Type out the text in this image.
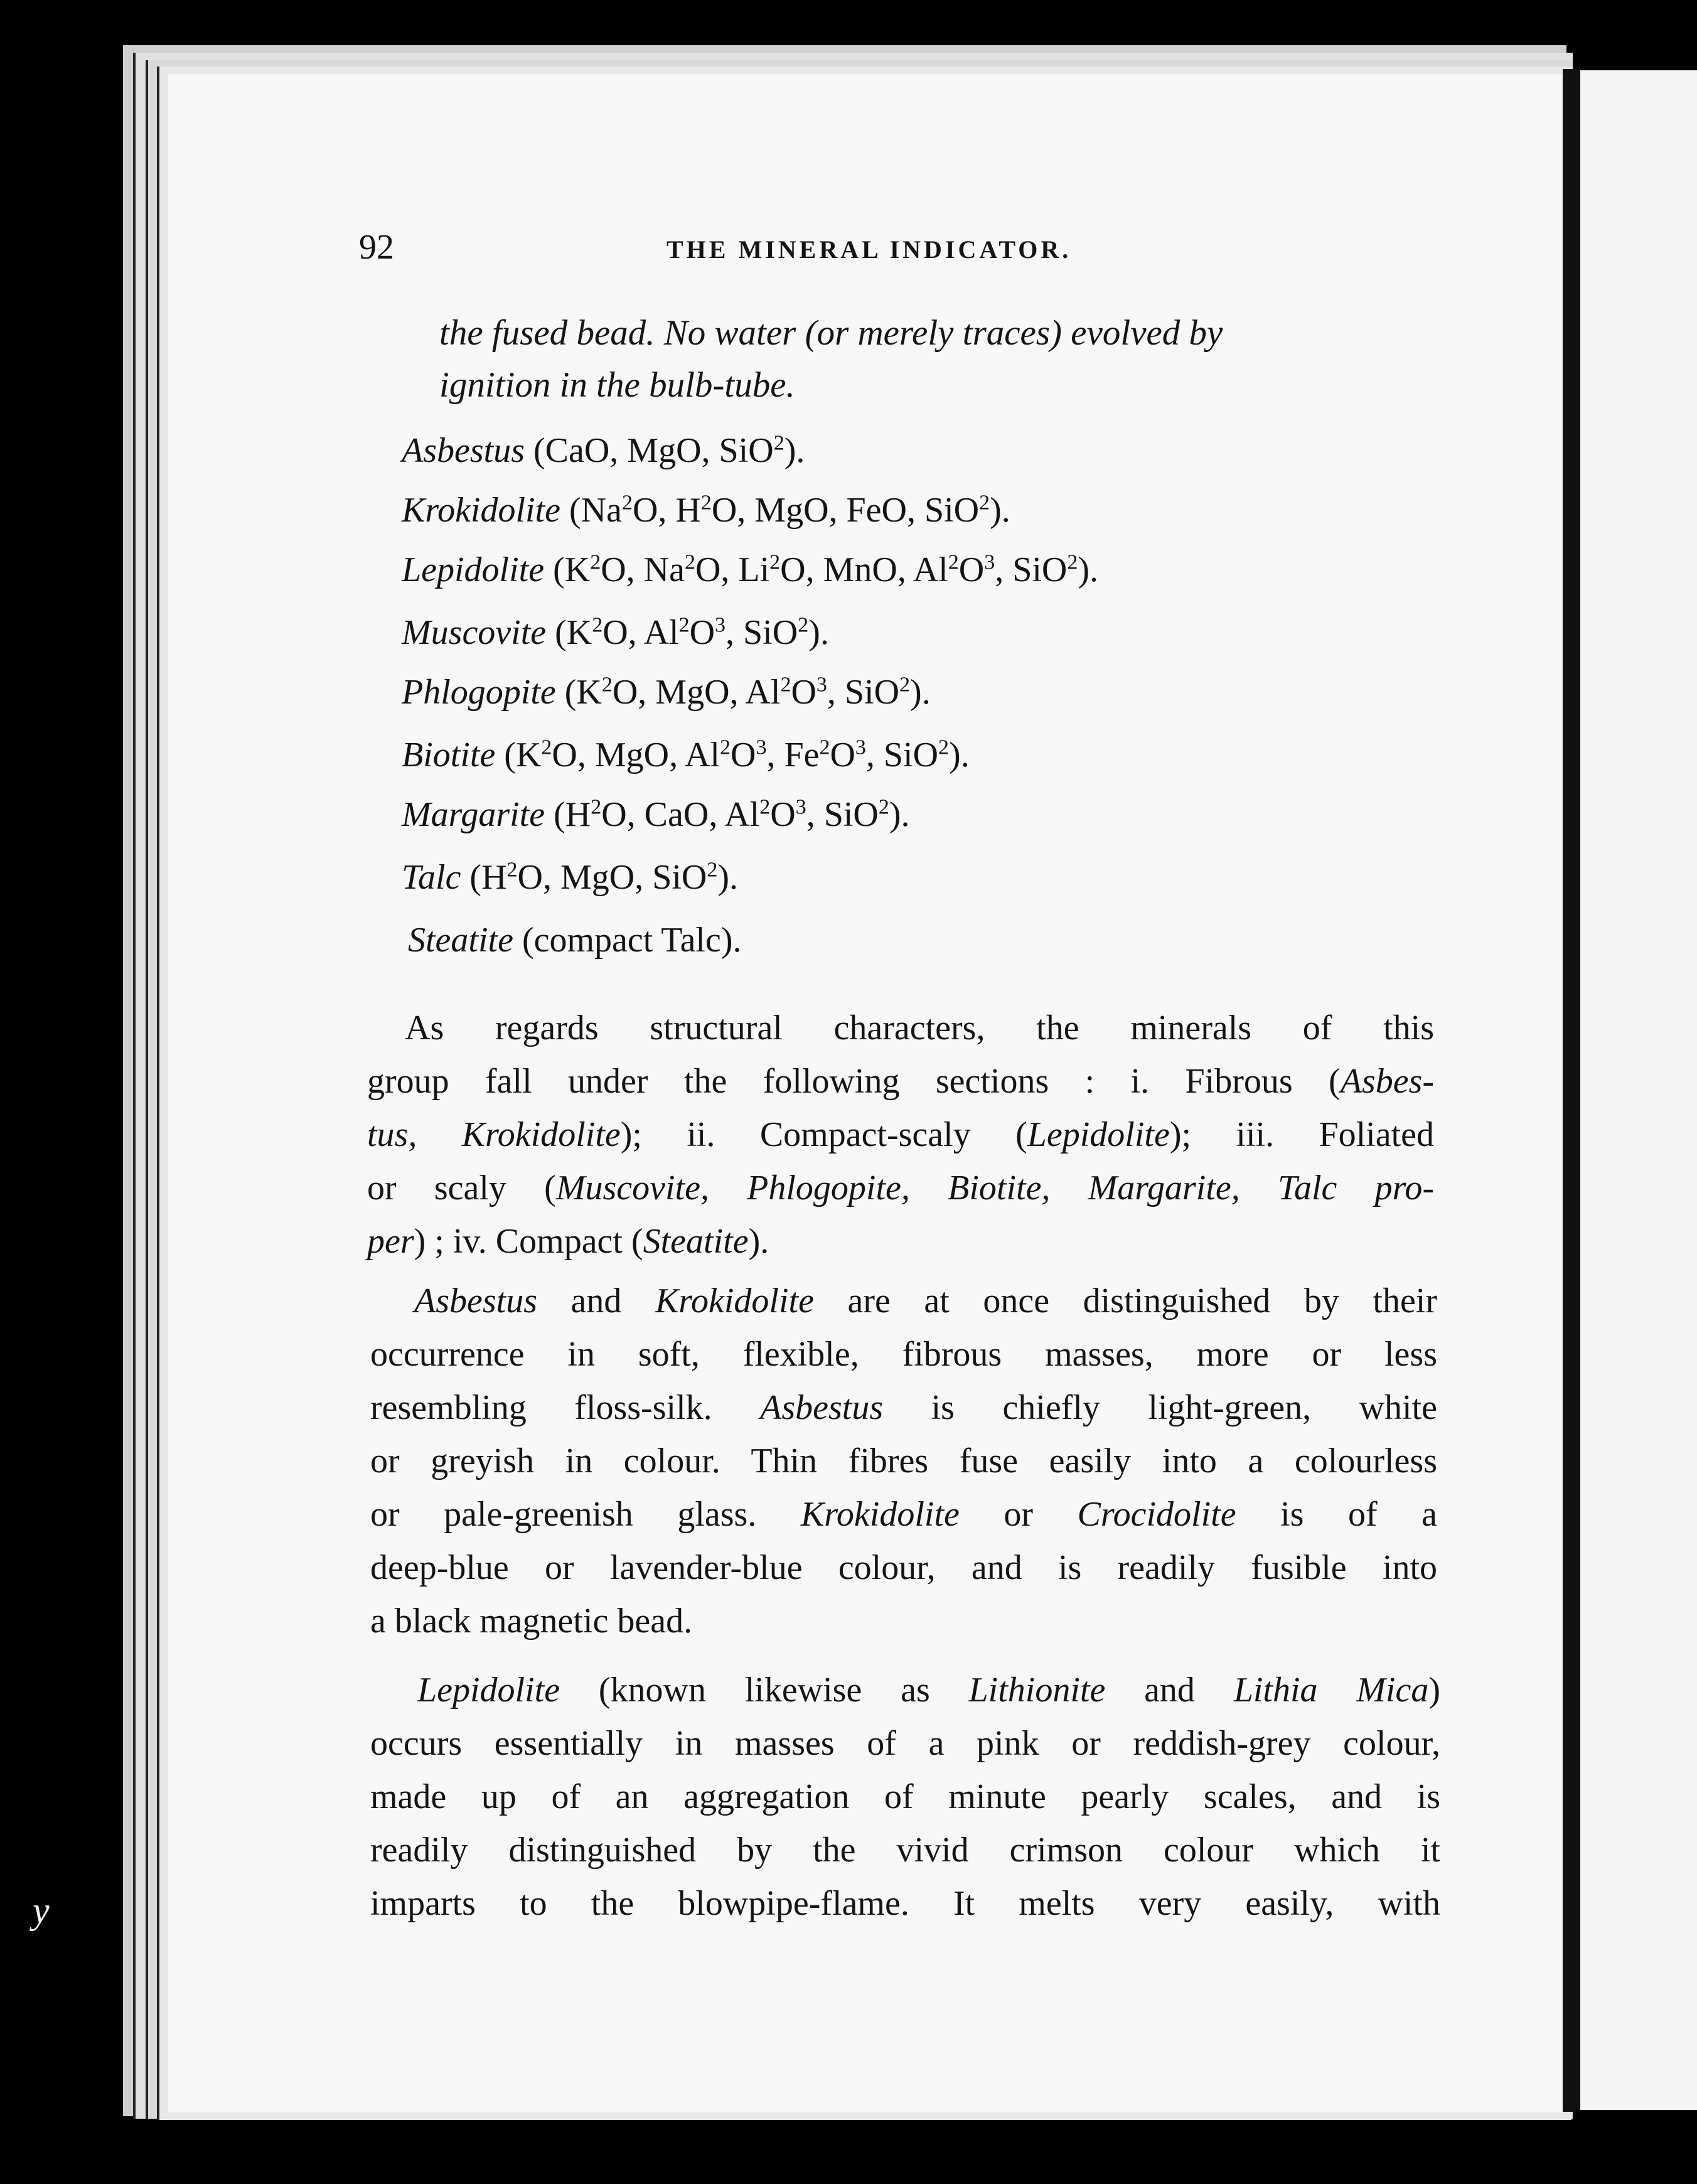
92	THE MINERAL INDICATOR.
the fused bead. No water (or merely traces) evolved by
ignition in the bulb-tube.
Asbestus (CaO, MgO, SiO$^2$).
Krokidolite (Na$^2$O, $H^2O$, MgO, FeO, SiO$^2$).
Lepidolite ($K^2O$, Na$^2$O, Li$^2$O, MnO, $Al^2O^3$, SiO$^2$).
Muscovite ($K^2O$, $Al^2O^3$, SiO$^2$).
Phlogopite ($K^2O$, MgO, $Al^2O^3$, SiO$^2$).
Biotite ($K^2O$, MgO, $Al^2O^3$, $Fe^2O^3$, SiO$^2$).
Margarite ($H^2O$, CaO, $Al^2O^3$, SiO$^2$).
Talc ($H^2O$, MgO, SiO$^2$).
Steatite (compact Talc).
As regards structural characters, the minerals of this
group fall under the following sections : i. Fibrous (Asbes-
tus, Krokidolite); ii. Compact-scaly (Lepidolite); iii. Foliated
or scaly (Muscovite, Phlogopite, Biotite, Margarite, Talc pro-
per) ; iv. Compact (Steatite).
Asbestus and Krokidolite are at once distinguished by their
occurrence in soft, flexible, fibrous masses, more or less
resembling floss-silk. Asbestus is chiefly light-green, white
or greyish in colour. Thin fibres fuse easily into a colourless
or pale-greenish glass. Krokidolite or Crocidolite is of a
deep-blue or lavender-blue colour, and is readily fusible into
a black magnetic bead.
Lepidolite (known likewise as Lithionite and Lithia Mica)
occurs essentially in masses of a pink or reddish-grey colour,
made up of an aggregation of minute pearly scales, and is
readily distinguished by the vivid crimson colour which it
imparts to the blowpipe-flame. It melts very easily, with
y
